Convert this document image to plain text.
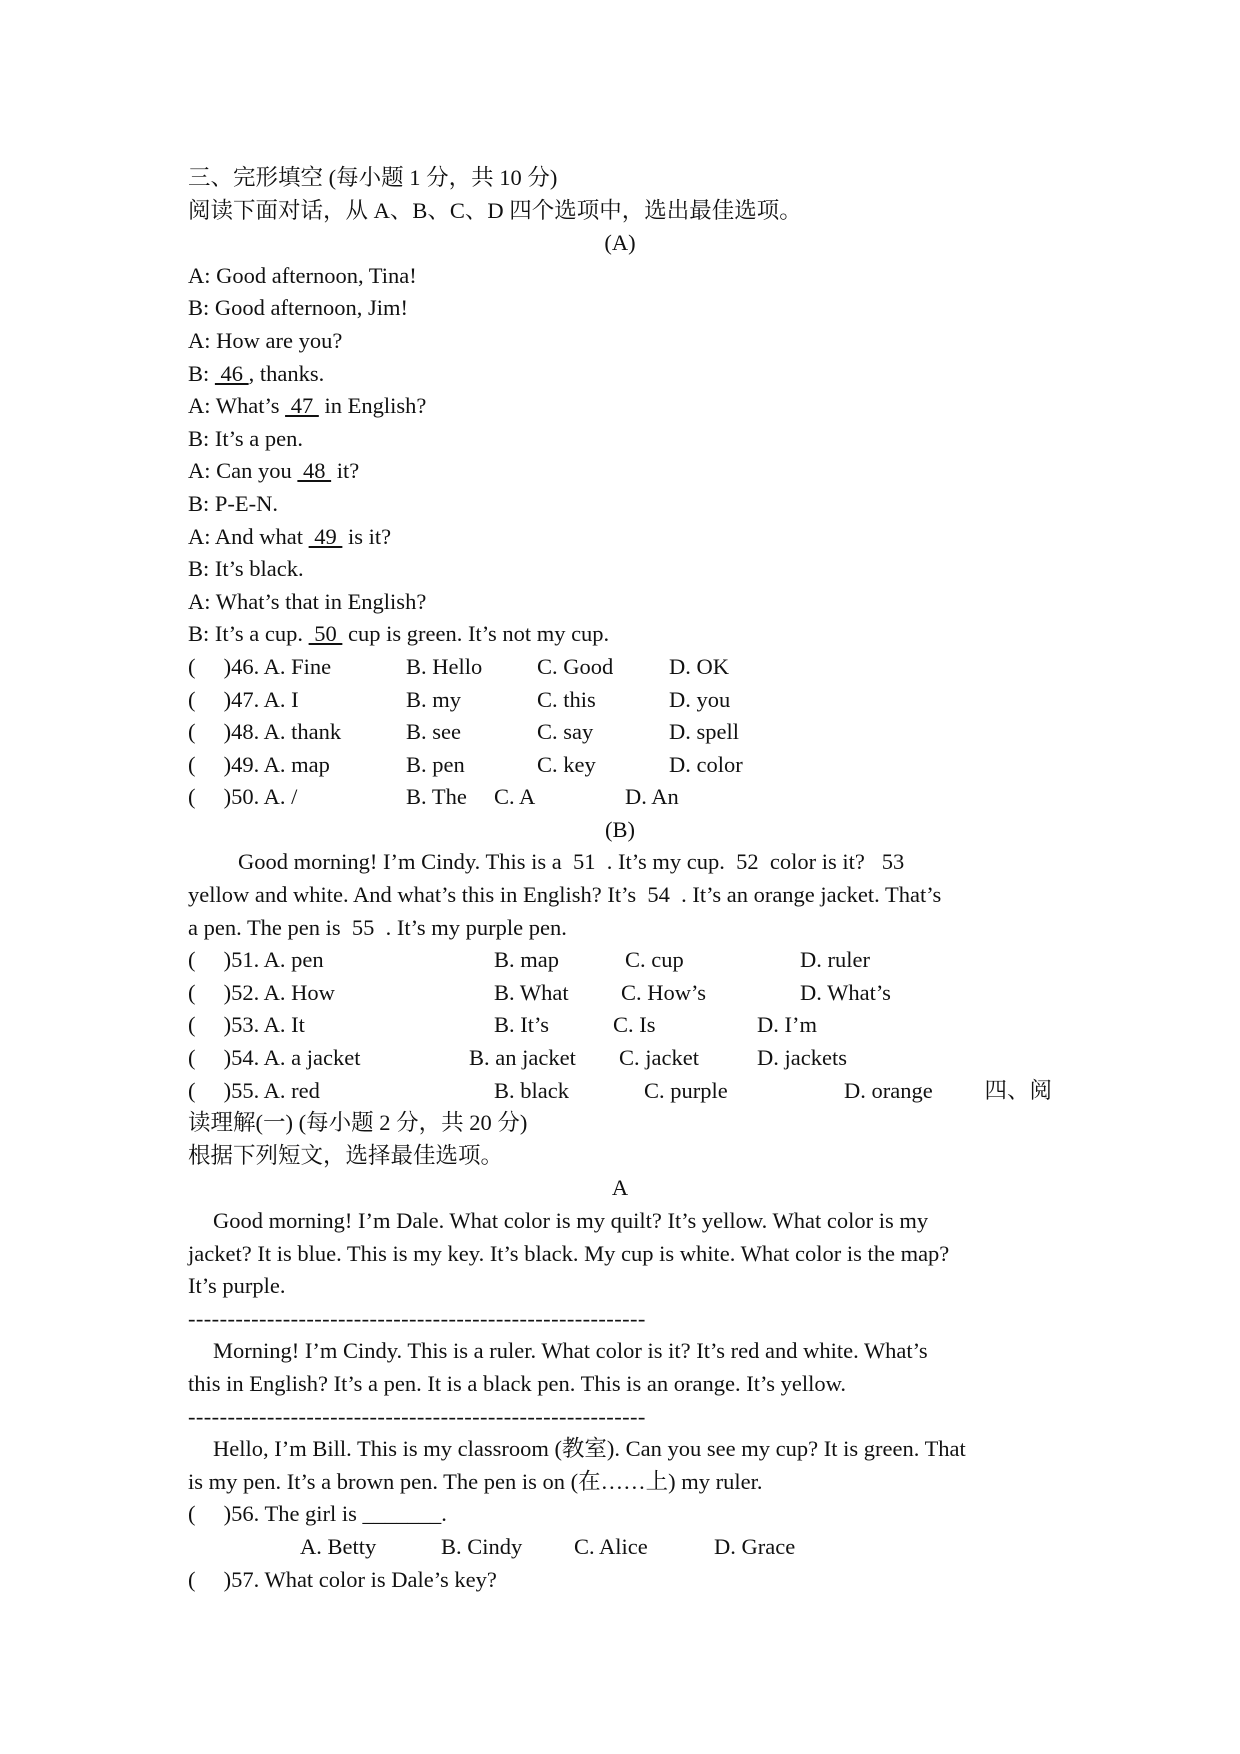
三、完形填空 (每小题 1 分，共 10 分)
阅读下面对话，从 A、B、C、D 四个选项中，选出最佳选项。
(A)
A: Good afternoon, Tina!
B: Good afternoon, Jim!
A: How are you?
B:  46 , thanks.
A: What’s  47  in English?
B: It’s a pen.
A: Can you  48  it?
B: P-E-N.
A: And what  49  is it?
B: It’s black.
A: What’s that in English?
B: It’s a cup.  50  cup is green. It’s not my cup.
( 　)46. A. Fine	B. Hello C. Good D. OK
( 　)47. A. I	B. my	C. this	D. you
( 　)48. A. thank	B. see	C. say	D. spell
( 　)49. A. map	B. pen	C. key	D. color
( 　)50. A. /	B. The C. A	D. An
(B)
Good morning! I’m Cindy. This is a  51  . It’s my cup.  52  color is it?   53
yellow and white. And what’s this in English? It’s  54  . It’s an orange jacket. That’s
a pen. The pen is  55  . It’s my purple pen.
( 　)51. A. pen	B. map	C. cup	D. ruler
( 　)52. A. How	B. What C. How’s	D. What’s
( 　)53. A. It	B. It’s	C. Is	D. I’m
( 　)54. A. a jacket	B. an jacket C. jacket	D. jackets
( 　)55. A. red	B. black	C. purple	D. orange 四、阅
读理解(一) (每小题 2 分，共 20 分)
根据下列短文，选择最佳选项。
A
Good morning! I’m Dale. What color is my quilt? It’s yellow. What color is my
jacket? It is blue. This is my key. It’s black. My cup is white. What color is the map?
It’s purple.
----------------------------------------------------------
Morning! I’m Cindy. This is a ruler. What color is it? It’s red and white. What’s
this in English? It’s a pen. It is a black pen. This is an orange. It’s yellow.
----------------------------------------------------------
Hello, I’m Bill. This is my classroom (教室). Can you see my cup? It is green. That
is my pen. It’s a brown pen. The pen is on (在……上) my ruler.
( 　)56. The girl is _______.
A. Betty	B. Cindy C. Alice	D. Grace
( 　)57. What color is Dale’s key?
